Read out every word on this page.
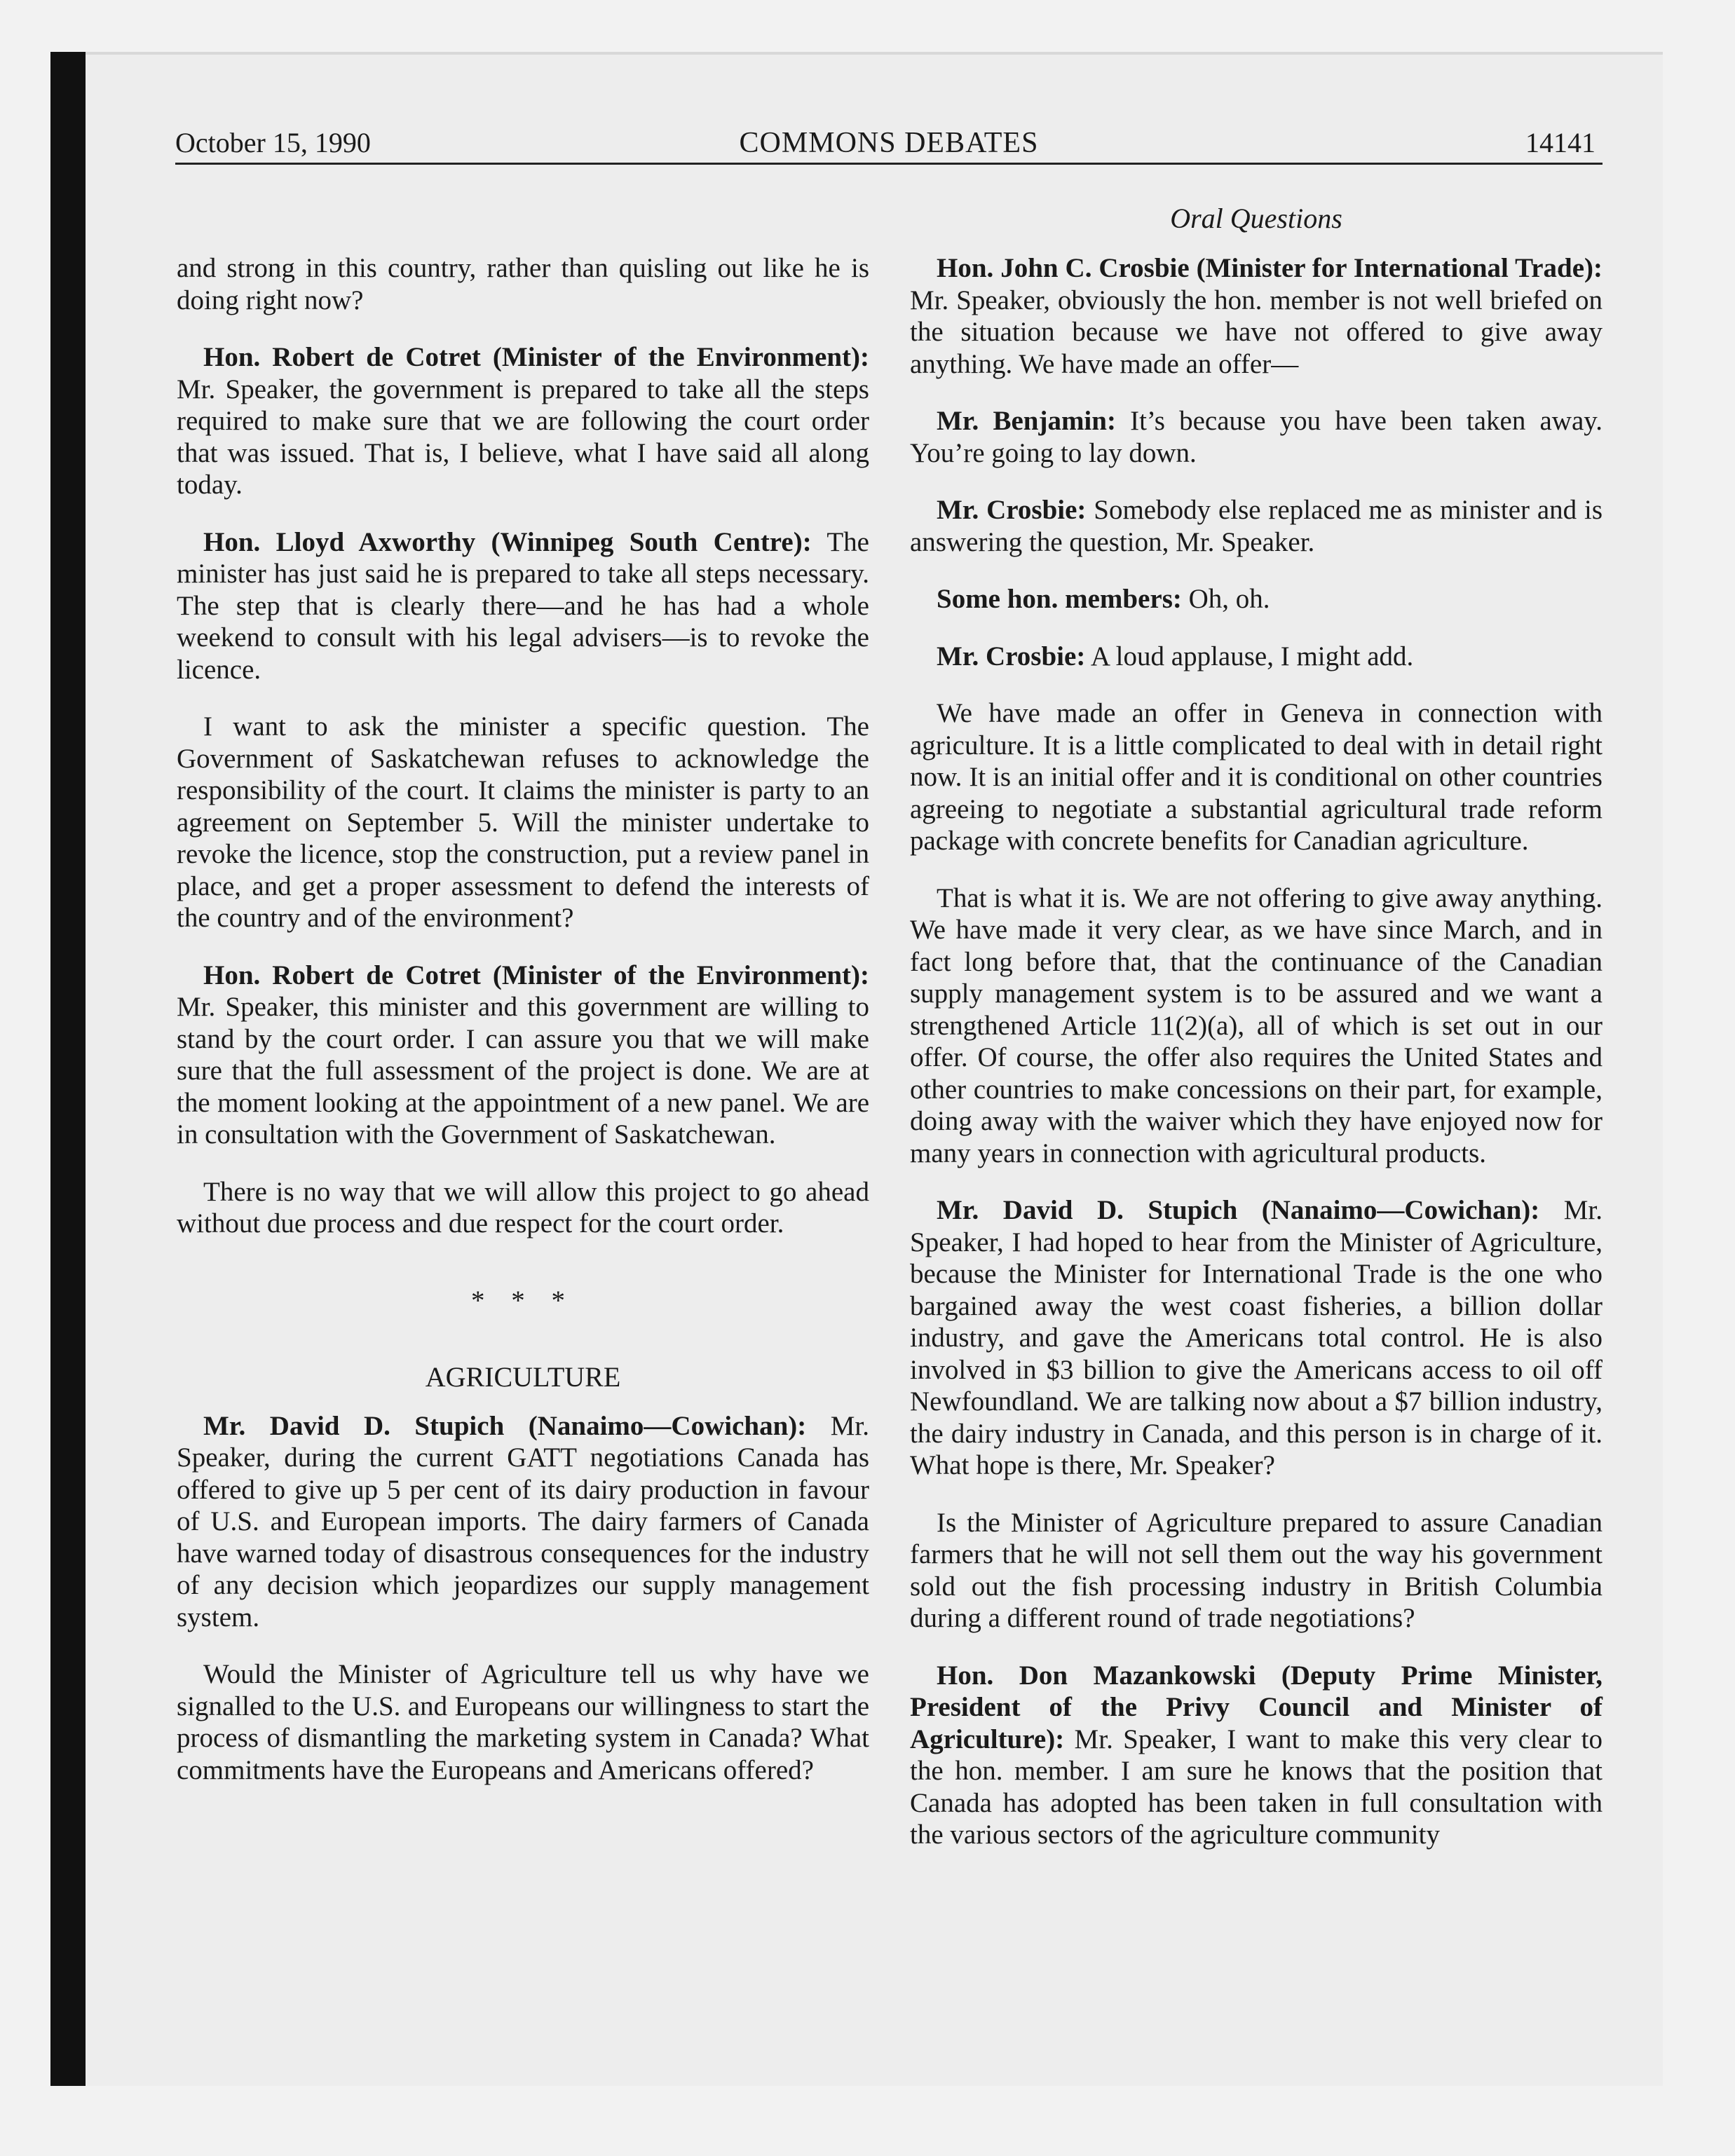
October 15, 1990	COMMONS DEBATES	14141
Oral Questions

and strong in this country, rather than quisling out like he is doing right now?

Hon. Robert de Cotret (Minister of the Environment): Mr. Speaker, the government is prepared to take all the steps required to make sure that we are following the court order that was issued. That is, I believe, what I have said all along today.

Hon. Lloyd Axworthy (Winnipeg South Centre): The minister has just said he is prepared to take all steps necessary. The step that is clearly there—and he has had a whole weekend to consult with his legal advisers—is to revoke the licence.

I want to ask the minister a specific question. The Government of Saskatchewan refuses to acknowledge the responsibility of the court. It claims the minister is party to an agreement on September 5. Will the minister undertake to revoke the licence, stop the construction, put a review panel in place, and get a proper assessment to defend the interests of the country and of the environment?

Hon. Robert de Cotret (Minister of the Environment): Mr. Speaker, this minister and this government are willing to stand by the court order. I can assure you that we will make sure that the full assessment of the project is done. We are at the moment looking at the appointment of a new panel. We are in consultation with the Government of Saskatchewan.

There is no way that we will allow this project to go ahead without due process and due respect for the court order.

* * *

AGRICULTURE

Mr. David D. Stupich (Nanaimo—Cowichan): Mr. Speaker, during the current GATT negotiations Canada has offered to give up 5 per cent of its dairy production in favour of U.S. and European imports. The dairy farmers of Canada have warned today of disastrous consequences for the industry of any decision which jeopardizes our supply management system.

Would the Minister of Agriculture tell us why have we signalled to the U.S. and Europeans our willingness to start the process of dismantling the marketing system in Canada? What commitments have the Europeans and Americans offered?

Hon. John C. Crosbie (Minister for International Trade): Mr. Speaker, obviously the hon. member is not well briefed on the situation because we have not offered to give away anything. We have made an offer—

Mr. Benjamin: It’s because you have been taken away. You’re going to lay down.

Mr. Crosbie: Somebody else replaced me as minister and is answering the question, Mr. Speaker.

Some hon. members: Oh, oh.

Mr. Crosbie: A loud applause, I might add.

We have made an offer in Geneva in connection with agriculture. It is a little complicated to deal with in detail right now. It is an initial offer and it is conditional on other countries agreeing to negotiate a substantial agricultural trade reform package with concrete benefits for Canadian agriculture.

That is what it is. We are not offering to give away anything. We have made it very clear, as we have since March, and in fact long before that, that the continuance of the Canadian supply management system is to be assured and we want a strengthened Article 11(2)(a), all of which is set out in our offer. Of course, the offer also requires the United States and other countries to make concessions on their part, for example, doing away with the waiver which they have enjoyed now for many years in connection with agricultural products.

Mr. David D. Stupich (Nanaimo—Cowichan): Mr. Speaker, I had hoped to hear from the Minister of Agriculture, because the Minister for International Trade is the one who bargained away the west coast fisheries, a billion dollar industry, and gave the Americans total control. He is also involved in $3 billion to give the Americans access to oil off Newfoundland. We are talking now about a $7 billion industry, the dairy industry in Canada, and this person is in charge of it. What hope is there, Mr. Speaker?

Is the Minister of Agriculture prepared to assure Canadian farmers that he will not sell them out the way his government sold out the fish processing industry in British Columbia during a different round of trade negotiations?

Hon. Don Mazankowski (Deputy Prime Minister, President of the Privy Council and Minister of Agriculture): Mr. Speaker, I want to make this very clear to the hon. member. I am sure he knows that the position that Canada has adopted has been taken in full consultation with the various sectors of the agriculture community
